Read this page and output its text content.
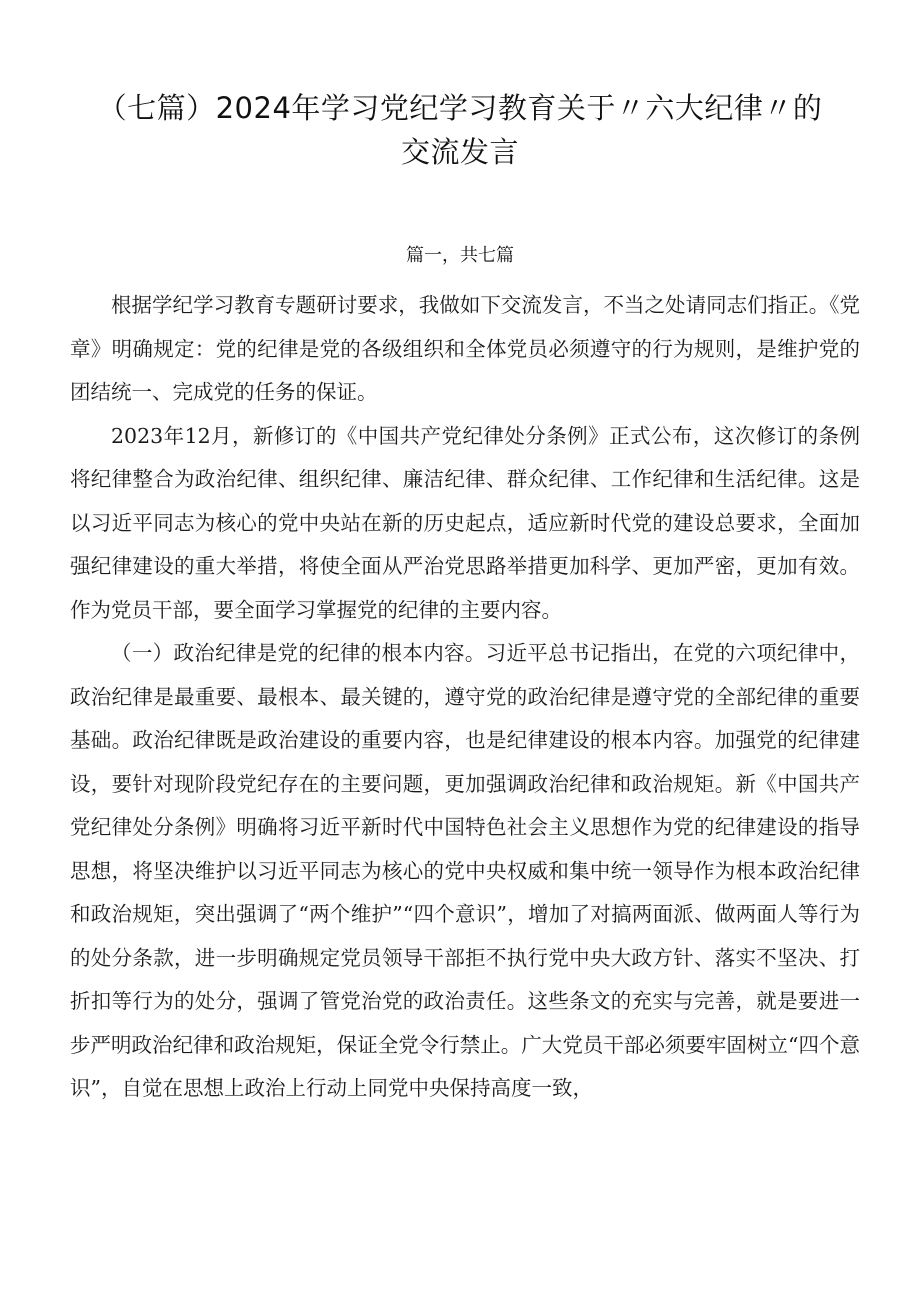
（七篇）2024年学习党纪学习教育关于〃六大纪律〃的
交流发言
篇一，共七篇

根据学纪学习教育专题研讨要求，我做如下交流发言，不当之处请同志们指正。《党章》明确规定：党的纪律是党的各级组织和全体党员必须遵守的行为规则，是维护党的团结统一、完成党的任务的保证。

2023年12月，新修订的《中国共产党纪律处分条例》正式公布，这次修订的条例将纪律整合为政治纪律、组织纪律、廉洁纪律、群众纪律、工作纪律和生活纪律。这是以习近平同志为核心的党中央站在新的历史起点，适应新时代党的建设总要求，全面加强纪律建设的重大举措，将使全面从严治党思路举措更加科学、更加严密，更加有效。作为党员干部，要全面学习掌握党的纪律的主要内容。

（一）政治纪律是党的纪律的根本内容。习近平总书记指出，在党的六项纪律中，政治纪律是最重要、最根本、最关键的，遵守党的政治纪律是遵守党的全部纪律的重要基础。政治纪律既是政治建设的重要内容，也是纪律建设的根本内容。加强党的纪律建设，要针对现阶段党纪存在的主要问题，更加强调政治纪律和政治规矩。新《中国共产党纪律处分条例》明确将习近平新时代中国特色社会主义思想作为党的纪律建设的指导思想，将坚决维护以习近平同志为核心的党中央权威和集中统一领导作为根本政治纪律和政治规矩，突出强调了“两个维护”“四个意识”，增加了对搞两面派、做两面人等行为的处分条款，进一步明确规定党员领导干部拒不执行党中央大政方针、落实不坚决、打折扣等行为的处分，强调了管党治党的政治责任。这些条文的充实与完善，就是要进一步严明政治纪律和政治规矩，保证全党令行禁止。广大党员干部必须要牢固树立“四个意识”，自觉在思想上政治上行动上同党中央保持高度一致，
